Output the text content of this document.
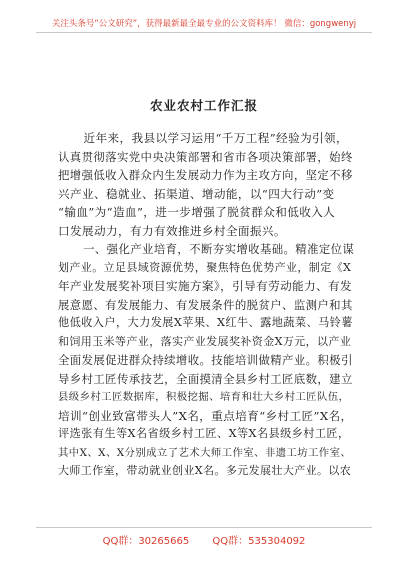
关注头条号“公文研究”，获得最新最全最专业的公文资料库！ 微信：gongwenyj
农业农村工作汇报
近年来，我县以学习运用“千万工程”经验为引领，
认真贯彻落实党中央决策部署和省市各项决策部署，始终
把增强低收入群众内生发展动力作为主攻方向，坚定不移
兴产业、稳就业、拓渠道、增动能，以“四大行动”变
“输血”为“造血”，进一步增强了脱贫群众和低收入人
口发展动力，有力有效推进乡村全面振兴。
一、强化产业培育，不断夯实增收基础。精准定位谋
划产业。立足县域资源优势，聚焦特色优势产业，制定《X
年产业发展奖补项目实施方案》，引导有劳动能力、有发
展意愿、有发展能力、有发展条件的脱贫户、监测户和其
他低收入户，大力发展X苹果、X红牛、露地蔬菜、马铃薯
和饲用玉米等产业，落实产业发展奖补资金X万元，以产业
全面发展促进群众持续增收。技能培训做精产业。积极引
导乡村工匠传承技艺，全面摸清全县乡村工匠底数，建立
县级乡村工匠数据库，积极挖掘、培育和壮大乡村工匠队伍，
培训“创业致富带头人”X名，重点培育“乡村工匠”X名，
评选张有生等X名省级乡村工匠、X等X名县级乡村工匠，
其中X、X、X分别成立了艺术大师工作室、非遗工坊工作室、
大师工作室，带动就业创业X名。多元发展壮大产业。以农
QQ群：30265665 QQ群：535304092
